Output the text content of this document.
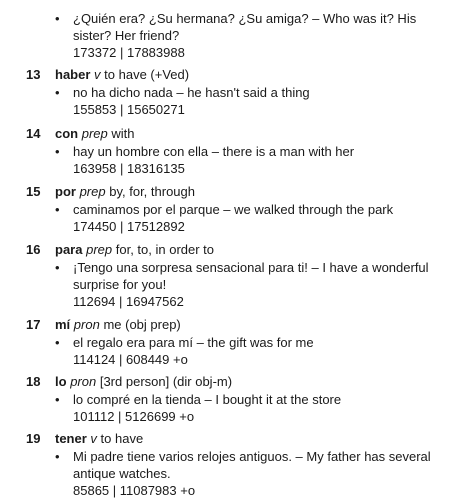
• ¿Quién era? ¿Su hermana? ¿Su amiga? – Who was it? His sister? Her friend?
173372 | 17883988
13	haber v to have (+Ved)
• no ha dicho nada – he hasn't said a thing
155853 | 15650271
14	con prep with
• hay un hombre con ella – there is a man with her
163958 | 18316135
15	por prep by, for, through
• caminamos por el parque – we walked through the park
174450 | 17512892
16	para prep for, to, in order to
• ¡Tengo una sorpresa sensacional para ti! – I have a wonderful surprise for you!
112694 | 16947562
17	mí pron me (obj prep)
• el regalo era para mí – the gift was for me
114124 | 608449 +o
18	lo pron [3rd person] (dir obj-m)
• lo compré en la tienda – I bought it at the store
101112 | 5126699 +o
19	tener v to have
• Mi padre tiene varios relojes antiguos. – My father has several antique watches.
85865 | 11087983 +o
